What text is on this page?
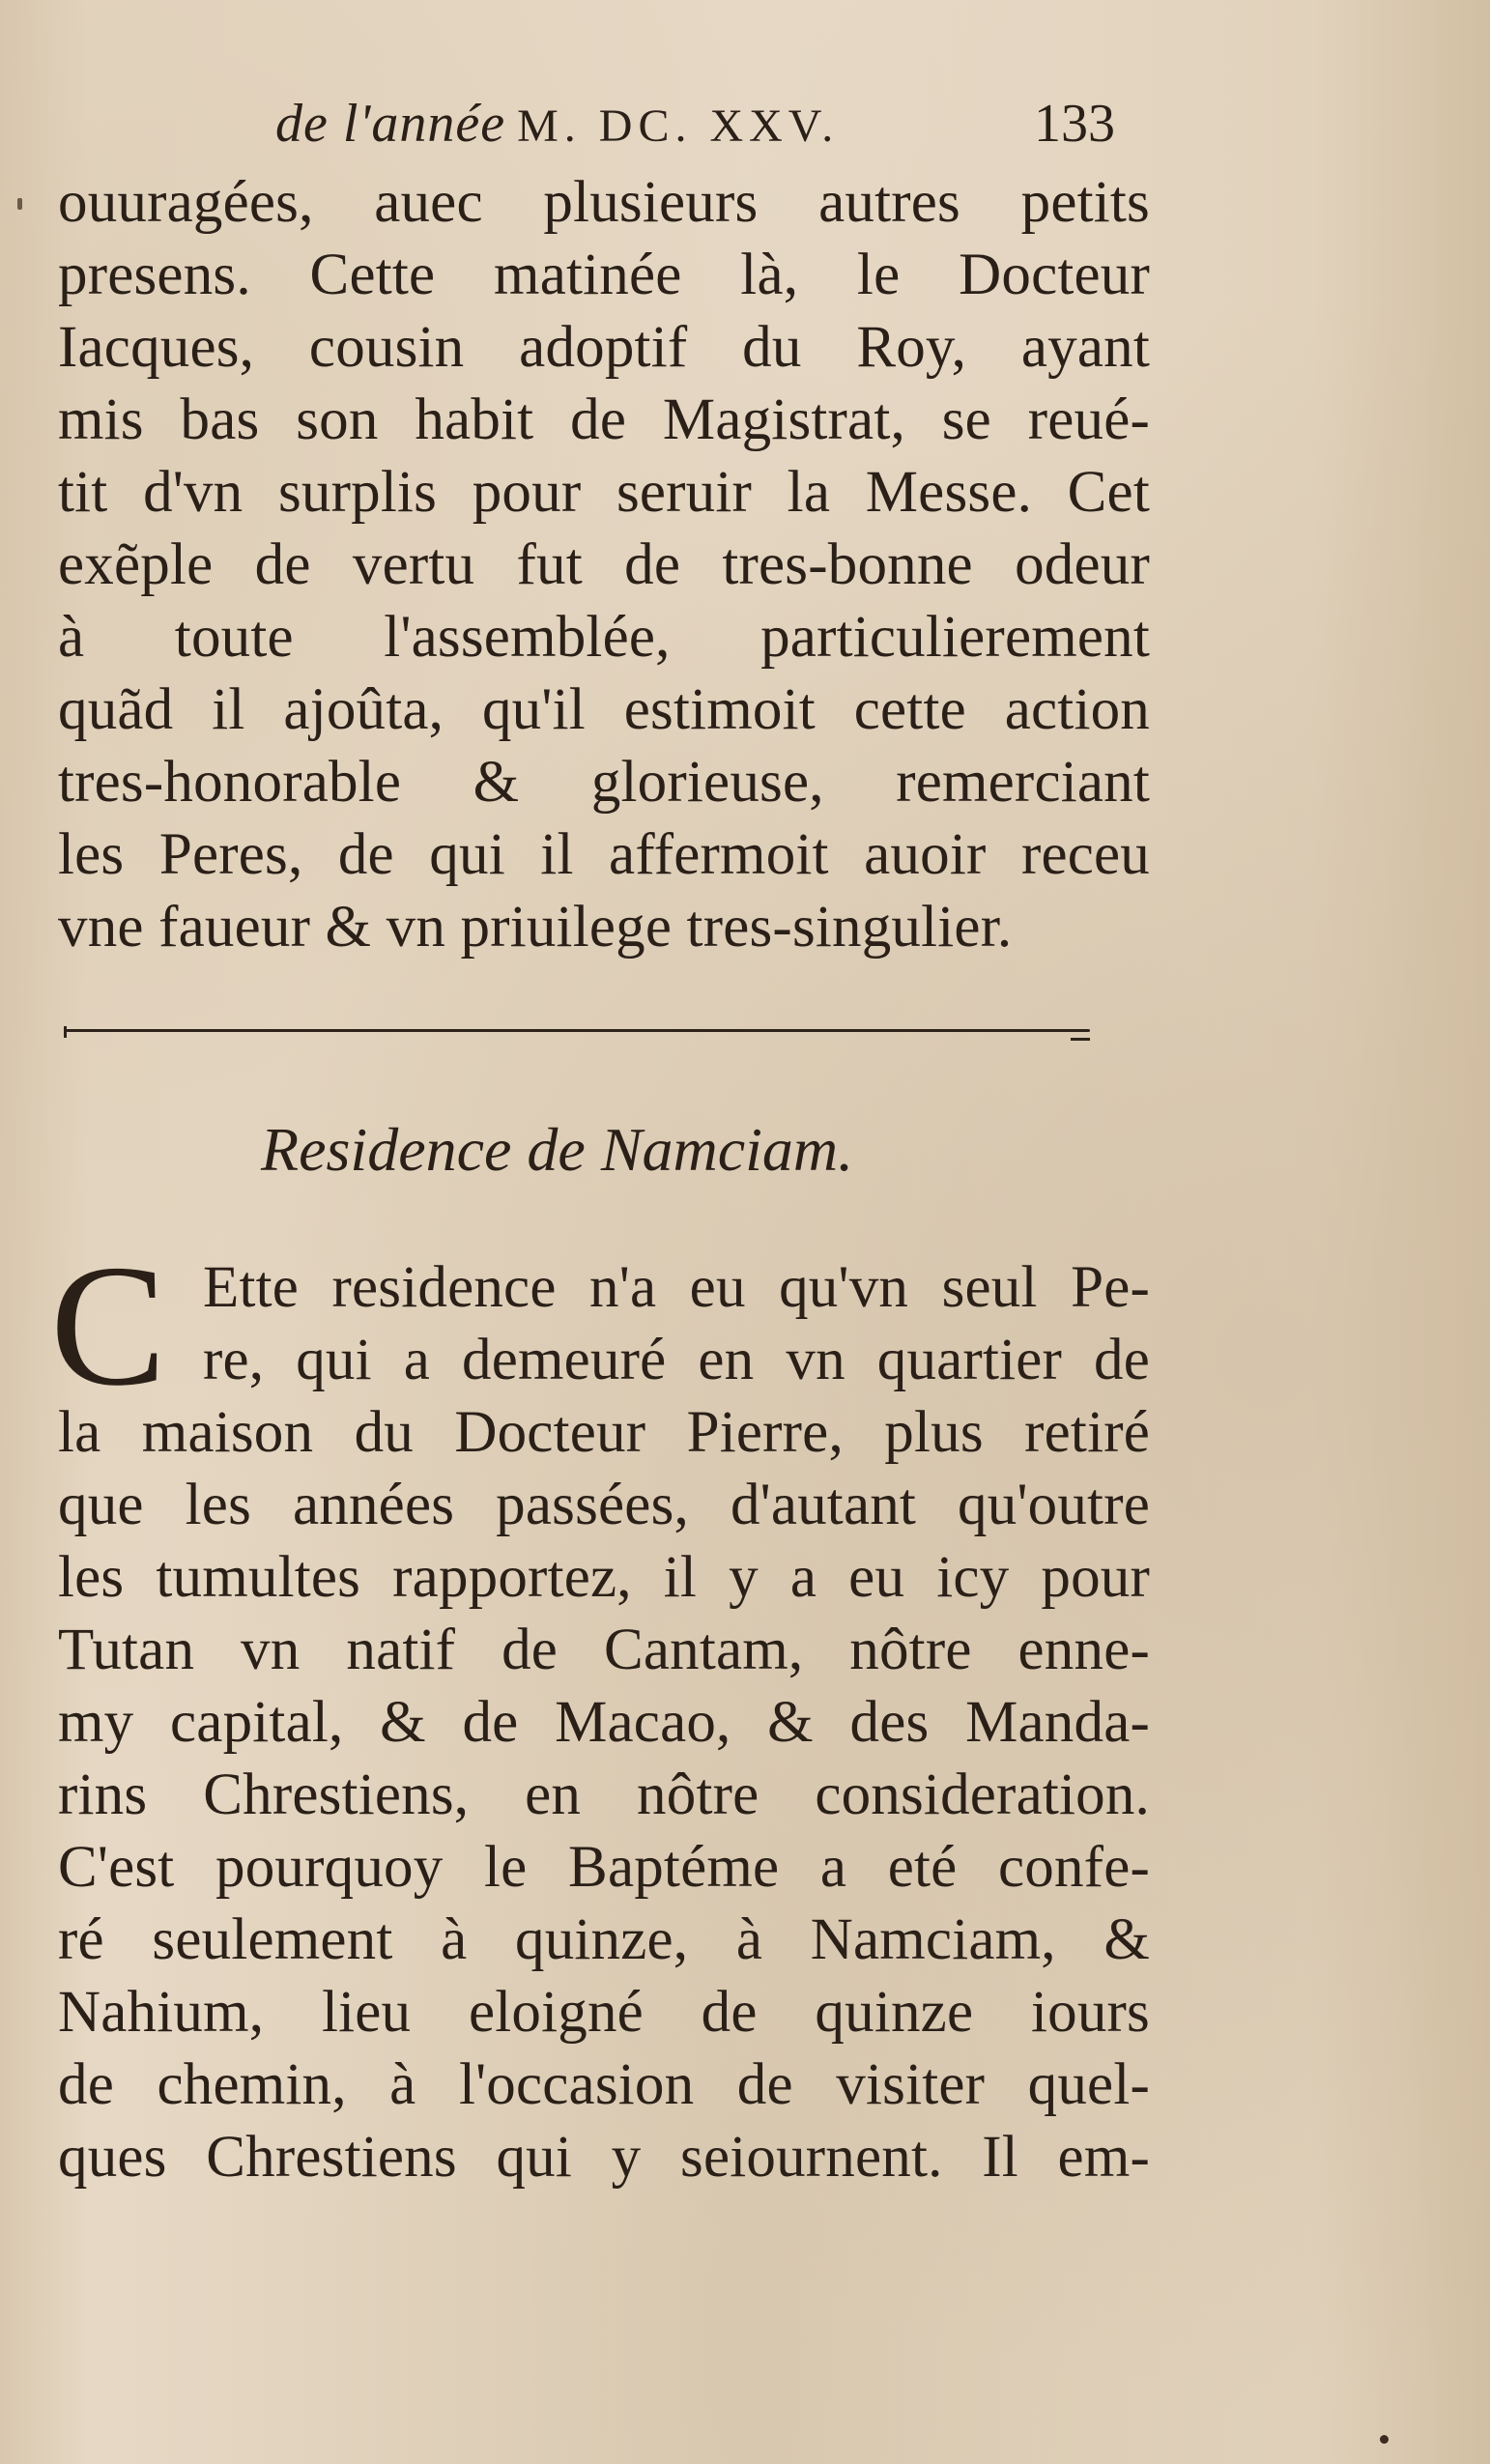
de l'année M. DC. XXV.	133
ouuragées, auec plusieurs autres petits
presens. Cette matinée là, le Docteur
Iacques, cousin adoptif du Roy, ayant
mis bas son habit de Magistrat, se reué-
tit d'vn surplis pour seruir la Messe. Cet
exẽple de vertu fut de tres-bonne odeur
à toute l'assemblée, particulierement
quãd il ajoûta, qu'il estimoit cette action
tres-honorable & glorieuse, remerciant
les Peres, de qui il affermoit auoir receu
vne faueur & vn priuilege tres-singulier.
Residence de Namciam.
C Ette residence n'a eu qu'vn seul Pe-
re, qui a demeuré en vn quartier de
la maison du Docteur Pierre, plus retiré
que les années passées, d'autant qu'outre
les tumultes rapportez, il y a eu icy pour
Tutan vn natif de Cantam, nôtre enne-
my capital, & de Macao, & des Manda-
rins Chrestiens, en nôtre consideration.
C'est pourquoy le Baptéme a eté confe-
ré seulement à quinze, à Namciam, &
Nahium, lieu eloigné de quinze iours
de chemin, à l'occasion de visiter quel-
ques Chrestiens qui y seiournent. Il em-
